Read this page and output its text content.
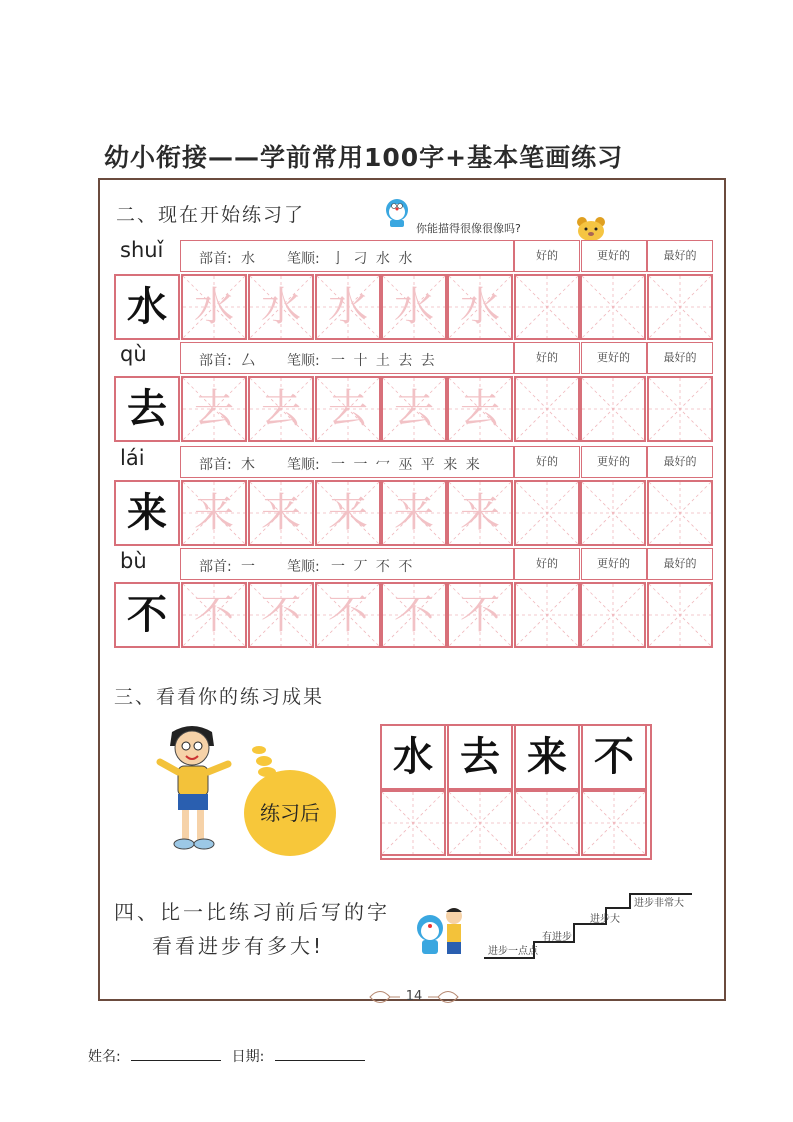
幼小衔接——学前常用100字+基本笔画练习
二、现在开始练习了
你能描得很像很像吗?
shuǐ	部首: 水 笔顺: 亅 刁 水 水	好的	更好的	最好的
水 水 水 水 水 水
qù	部首: 厶 笔顺: 一 十 土 去 去	好的	更好的	最好的
去 去 去 去 去 去
lái	部首: 木 笔顺: 一 一 冖 巫 平 来 来	好的	更好的	最好的
来 来 来 来 来 来
bù	部首: 一 笔顺: 一 丆 不 不	好的	更好的	最好的
不 不 不 不 不 不
三、看看你的练习成果
练习后
水 去 来 不
四、比一比练习前后写的字
看看进步有多大!	进步一点点
有进步
进步大
进步非常大
14
姓名:	日期:
